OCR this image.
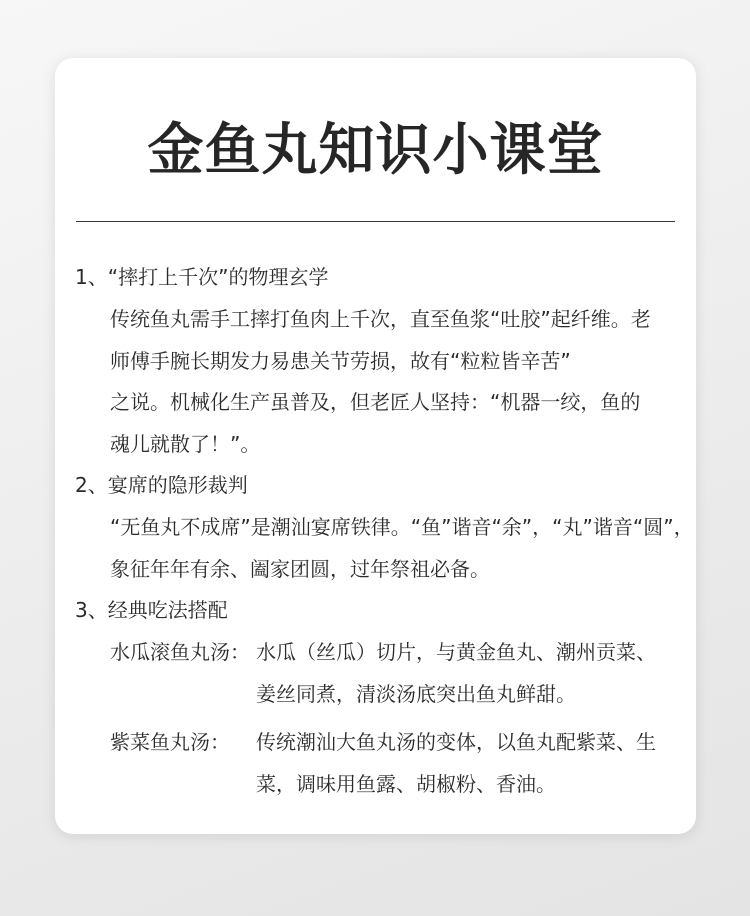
金鱼丸知识小课堂
1、“摔打上千次”的物理玄学
传统鱼丸需手工摔打鱼肉上千次，直至鱼浆“吐胶”起纤维。老
师傅手腕长期发力易患关节劳损，故有“粒粒皆辛苦”
之说。机械化生产虽普及，但老匠人坚持：“机器一绞，鱼的
魂儿就散了！”。
2、宴席的隐形裁判
“无鱼丸不成席”是潮汕宴席铁律。“鱼”谐音“余”，“丸”谐音“圆”，
象征年年有余、阖家团圆，过年祭祖必备。
3、经典吃法搭配
水瓜滚鱼丸汤： 水瓜（丝瓜）切片，与黄金鱼丸、潮州贡菜、
姜丝同煮，清淡汤底突出鱼丸鲜甜。
紫菜鱼丸汤：	传统潮汕大鱼丸汤的变体，以鱼丸配紫菜、生
菜，调味用鱼露、胡椒粉、香油。
